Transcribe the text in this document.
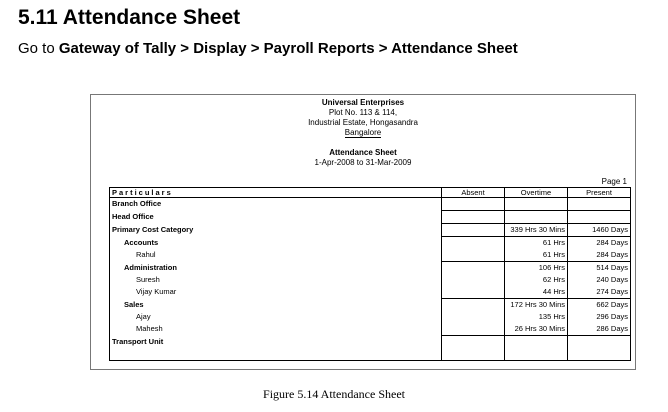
5.11 Attendance Sheet
Go to Gateway of Tally > Display > Payroll Reports > Attendance Sheet
Universal Enterprises
Plot No. 113 & 114,
Industrial Estate, Hongasandra
Bangalore
Attendance Sheet
1-Apr-2008 to 31-Mar-2009
Page 1
Particulars	Absent	Overtime	Present
Branch Office			
Head Office			
Primary Cost Category		339 Hrs 30 Mins	1460 Days
Accounts		61 Hrs	284 Days
Rahul		61 Hrs	284 Days
Administration		106 Hrs	514 Days
Suresh		62 Hrs	240 Days
Vijay Kumar		44 Hrs	274 Days
Sales		172 Hrs 30 Mins	662 Days
Ajay		135 Hrs	296 Days
Mahesh		26 Hrs 30 Mins	286 Days
Transport Unit			

Figure 5.14 Attendance Sheet
